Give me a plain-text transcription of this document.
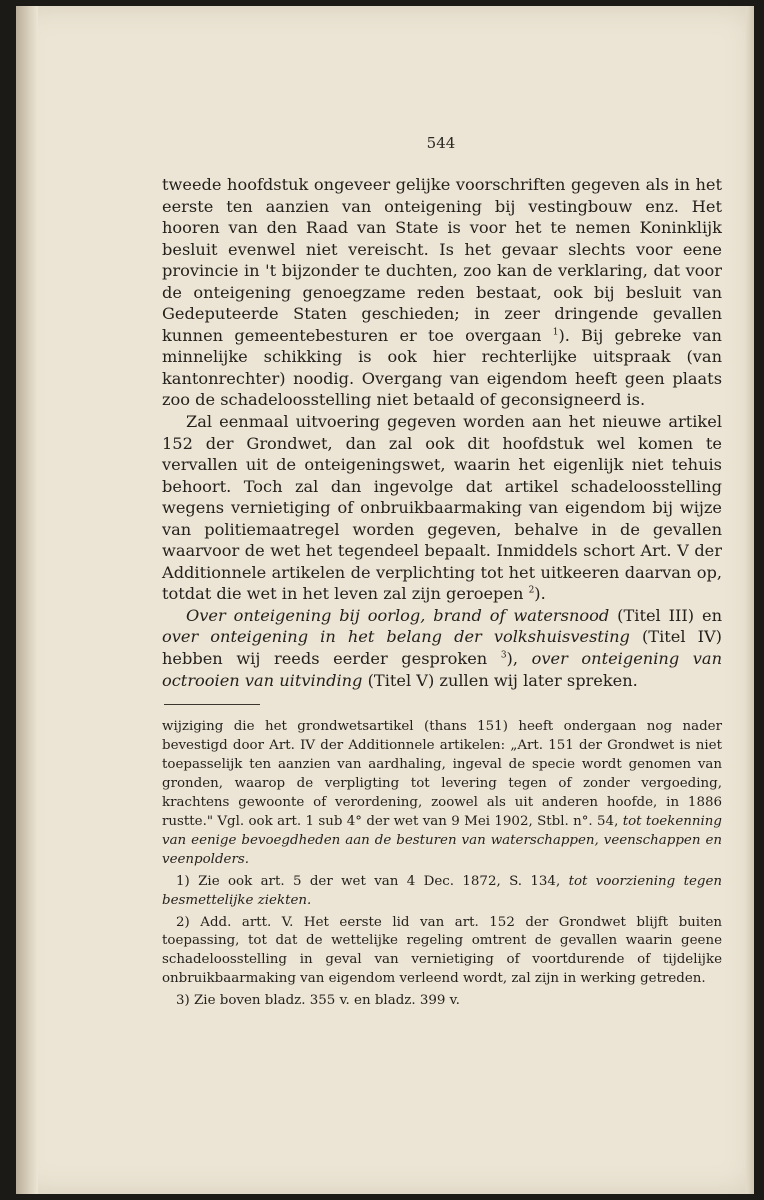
544

tweede hoofdstuk ongeveer gelijke voorschriften gegeven als in het eerste ten aanzien van onteigening bij vestingbouw enz. Het hooren van den Raad van State is voor het te nemen Koninklijk besluit evenwel niet vereischt. Is het gevaar slechts voor eene provincie in 't bijzonder te duchten, zoo kan de verklaring, dat voor de onteigening genoegzame reden bestaat, ook bij besluit van Gedeputeerde Staten geschieden; in zeer dringende gevallen kunnen gemeentebesturen er toe overgaan $^1$). Bij gebreke van minnelijke schikking is ook hier rechterlijke uitspraak (van kantonrechter) noodig. Overgang van eigendom heeft geen plaats zoo de schadeloosstelling niet betaald of geconsigneerd is.

Zal eenmaal uitvoering gegeven worden aan het nieuwe artikel 152 der Grondwet, dan zal ook dit hoofdstuk wel komen te vervallen uit de onteigeningswet, waarin het eigenlijk niet tehuis behoort. Toch zal dan ingevolge dat artikel schadeloosstelling wegens vernietiging of onbruikbaarmaking van eigendom bij wijze van politiemaatregel worden gegeven, behalve in de gevallen waarvoor de wet het tegendeel bepaalt. Inmiddels schort Art. V der Additionnele artikelen de verplichting tot het uitkeeren daarvan op, totdat die wet in het leven zal zijn geroepen $^2$).

Over onteigening bij oorlog, brand of watersnood (Titel III) en over onteigening in het belang der volkshuisvesting (Titel IV) hebben wij reeds eerder gesproken $^3$), over onteigening van octrooien van uitvinding (Titel V) zullen wij later spreken.

wijziging die het grondwetsartikel (thans 151) heeft ondergaan nog nader bevestigd door Art. IV der Additionnele artikelen: „Art. 151 der Grondwet is niet toepasselijk ten aanzien van aardhaling, ingeval de specie wordt genomen van gronden, waarop de verpligting tot levering tegen of zonder vergoeding, krachtens gewoonte of verordening, zoowel als uit anderen hoofde, in 1886 rustte." Vgl. ook art. 1 sub 4° der wet van 9 Mei 1902, Stbl. n°. 54, tot toekenning van eenige bevoegdheden aan de besturen van waterschappen, veenschappen en veenpolders.

1) Zie ook art. 5 der wet van 4 Dec. 1872, S. 134, tot voorziening tegen besmettelijke ziekten.

2) Add. artt. V. Het eerste lid van art. 152 der Grondwet blijft buiten toepassing, tot dat de wettelijke regeling omtrent de gevallen waarin geene schadeloosstelling in geval van vernietiging of voortdurende of tijdelijke onbruikbaarmaking van eigendom verleend wordt, zal zijn in werking getreden.

3) Zie boven bladz. 355 v. en bladz. 399 v.
